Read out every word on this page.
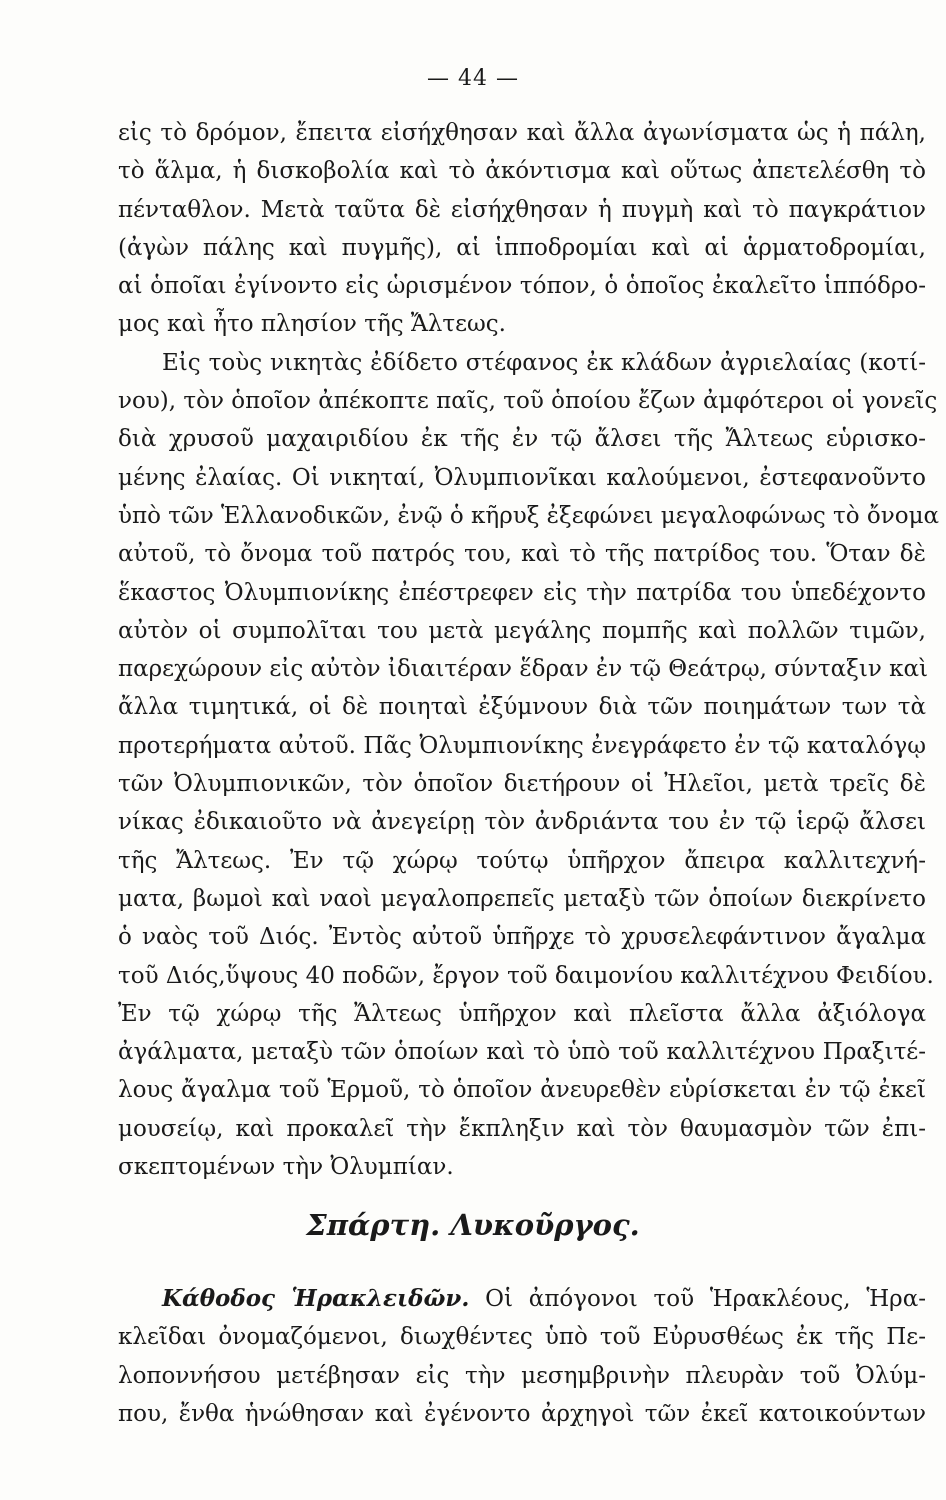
— 44 —
εἰς τὸ δρόμον, ἔπειτα εἰσήχθησαν καὶ ἄλλα ἀγωνίσματα ὡς ἡ πάλη,
τὸ ἅλμα, ἡ δισκοβολία καὶ τὸ ἀκόντισμα καὶ οὕτως ἀπετελέσθη τὸ
πένταθλον. Μετὰ ταῦτα δὲ εἰσήχθησαν ἡ πυγμὴ καὶ τὸ παγκράτιον
(ἀγὼν πάλης καὶ πυγμῆς), αἱ ἱπποδρομίαι καὶ αἱ ἁρματοδρομίαι,
αἱ ὁποῖαι ἐγίνοντο εἰς ὡρισμένον τόπον, ὁ ὁποῖος ἐκαλεῖτο ἱππόδρο-
μος καὶ ἦτο πλησίον τῆς Ἄλτεως.
Εἰς τοὺς νικητὰς ἐδίδετο στέφανος ἐκ κλάδων ἀγριελαίας (κοτί-
νου), τὸν ὁποῖον ἀπέκοπτε παῖς, τοῦ ὁποίου ἔζων ἀμφότεροι οἱ γονεῖς
διὰ χρυσοῦ μαχαιριδίου ἐκ τῆς ἐν τῷ ἄλσει τῆς Ἄλτεως εὑρισκο-
μένης ἐλαίας. Οἱ νικηταί, Ὀλυμπιονῖκαι καλούμενοι, ἐστεφανοῦντο
ὑπὸ τῶν Ἑλλανοδικῶν, ἐνῷ ὁ κῆρυξ ἐξεφώνει μεγαλοφώνως τὸ ὄνομα
αὐτοῦ, τὸ ὄνομα τοῦ πατρός του, καὶ τὸ τῆς πατρίδος του. Ὅταν δὲ
ἕκαστος Ὀλυμπιονίκης ἐπέστρεφεν εἰς τὴν πατρίδα του ὑπεδέχοντο
αὐτὸν οἱ συμπολῖται του μετὰ μεγάλης πομπῆς καὶ πολλῶν τιμῶν,
παρεχώρουν εἰς αὐτὸν ἰδιαιτέραν ἕδραν ἐν τῷ Θεάτρῳ, σύνταξιν καὶ
ἄλλα τιμητικά, οἱ δὲ ποιηταὶ ἐξύμνουν διὰ τῶν ποιημάτων των τὰ
προτερήματα αὐτοῦ. Πᾶς Ὀλυμπιονίκης ἐνεγράφετο ἐν τῷ καταλόγῳ
τῶν Ὀλυμπιονικῶν, τὸν ὁποῖον διετήρουν οἱ Ἠλεῖοι, μετὰ τρεῖς δὲ
νίκας ἐδικαιοῦτο νὰ ἀνεγείρῃ τὸν ἀνδριάντα του ἐν τῷ ἱερῷ ἄλσει
τῆς Ἄλτεως. Ἐν τῷ χώρῳ τούτῳ ὑπῆρχον ἄπειρα καλλιτεχνή-
ματα, βωμοὶ καὶ ναοὶ μεγαλοπρεπεῖς μεταξὺ τῶν ὁποίων διεκρίνετο
ὁ ναὸς τοῦ Διός. Ἐντὸς αὐτοῦ ὑπῆρχε τὸ χρυσελεφάντινον ἄγαλμα
τοῦ Διός,ὕψους 40 ποδῶν, ἔργον τοῦ δαιμονίου καλλιτέχνου Φειδίου.
Ἐν τῷ χώρῳ τῆς Ἄλτεως ὑπῆρχον καὶ πλεῖστα ἄλλα ἀξιόλογα
ἀγάλματα, μεταξὺ τῶν ὁποίων καὶ τὸ ὑπὸ τοῦ καλλιτέχνου Πραξιτέ-
λους ἄγαλμα τοῦ Ἑρμοῦ, τὸ ὁποῖον ἀνευρεθὲν εὑρίσκεται ἐν τῷ ἐκεῖ
μουσείῳ, καὶ προκαλεῖ τὴν ἔκπληξιν καὶ τὸν θαυμασμὸν τῶν ἐπι-
σκεπτομένων τὴν Ὀλυμπίαν.
Σπάρτη. Λυκοῦργος.
Κάθοδος Ἡρακλειδῶν. Οἱ ἀπόγονοι τοῦ Ἡρακλέους, Ἡρα-
κλεῖδαι ὀνομαζόμενοι, διωχθέντες ὑπὸ τοῦ Εὐρυσθέως ἐκ τῆς Πε-
λοποννήσου μετέβησαν εἰς τὴν μεσημβρινὴν πλευρὰν τοῦ Ὀλύμ-
που, ἔνθα ἡνώθησαν καὶ ἐγένοντο ἀρχηγοὶ τῶν ἐκεῖ κατοικούντων
